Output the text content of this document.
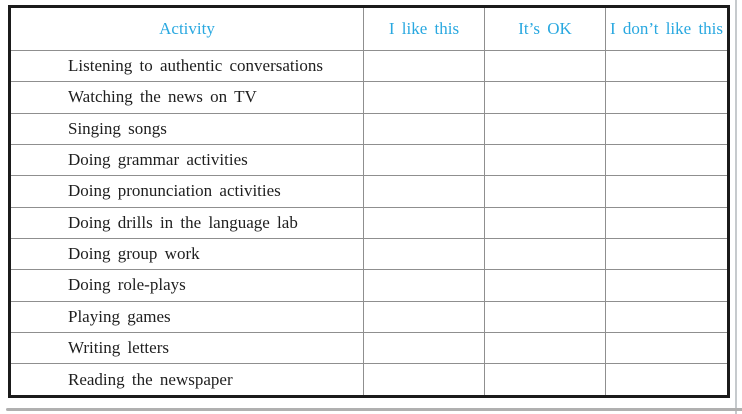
Activity	I like this	It’s OK	I don’t like this
Listening to authentic conversations			
Watching the news on TV			
Singing songs			
Doing grammar activities			
Doing pronunciation activities			
Doing drills in the language lab			
Doing group work			
Doing role-plays			
Playing games			
Writing letters			
Reading the newspaper			
